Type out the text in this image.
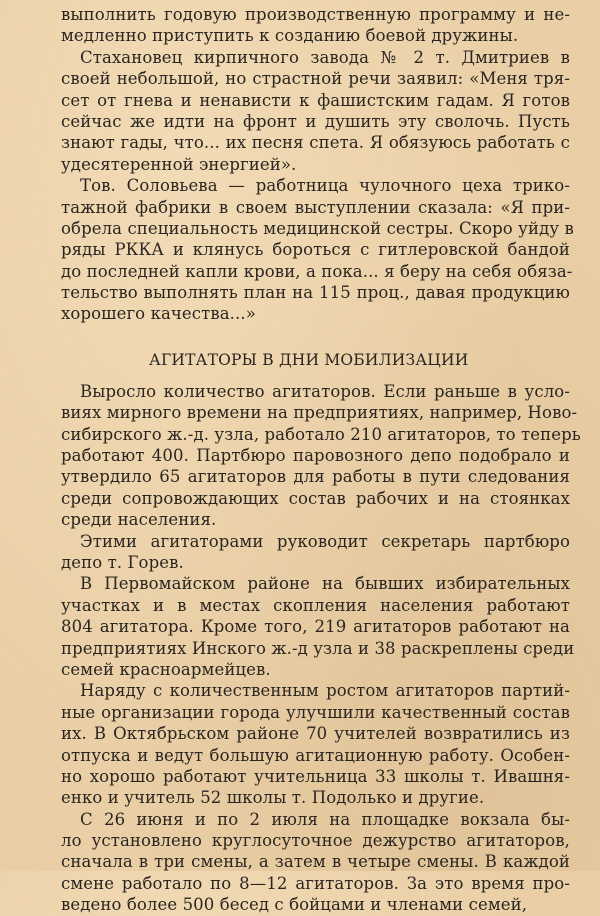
выполнить годовую производственную программу и не-
медленно приступить к созданию боевой дружины.
Стахановец кирпичного завода № 2 т. Дмитриев в
своей небольшой, но страстной речи заявил: «Меня тря-
сет от гнева и ненависти к фашистским гадам. Я готов
сейчас же идти на фронт и душить эту сволочь. Пусть
знают гады, что... их песня спета. Я обязуюсь работать с
удесятеренной энергией».
Тов. Соловьева — работница чулочного цеха трико-
тажной фабрики в своем выступлении сказала: «Я при-
обрела специальность медицинской сестры. Скоро уйду в
ряды РККА и клянусь бороться с гитлеровской бандой
до последней капли крови, а пока... я беру на себя обяза-
тельство выполнять план на 115 проц., давая продукцию
хорошего качества...»
АГИТАТОРЫ В ДНИ МОБИЛИЗАЦИИ
Выросло количество агитаторов. Если раньше в усло-
виях мирного времени на предприятиях, например, Ново-
сибирского ж.-д. узла, работало 210 агитаторов, то теперь
работают 400. Партбюро паровозного депо подобрало и
утвердило 65 агитаторов для работы в пути следования
среди сопровождающих состав рабочих и на стоянках
среди населения.
Этими агитаторами руководит секретарь партбюро
депо т. Горев.
В Первомайском районе на бывших избирательных
участках и в местах скопления населения работают
804 агитатора. Кроме того, 219 агитаторов работают на
предприятиях Инского ж.-д узла и 38 раскреплены среди
семей красноармейцев.
Наряду с количественным ростом агитаторов партий-
ные организации города улучшили качественный состав
их. В Октябрьском районе 70 учителей возвратились из
отпуска и ведут большую агитационную работу. Особен-
но хорошо работают учительница 33 школы т. Ивашня-
енко и учитель 52 школы т. Подолько и другие.
С 26 июня и по 2 июля на площадке вокзала бы-
ло установлено круглосуточное дежурство агитаторов,
сначала в три смены, а затем в четыре смены. В каждой
смене работало по 8—12 агитаторов. За это время про-
ведено более 500 бесед с бойцами и членами семей,
